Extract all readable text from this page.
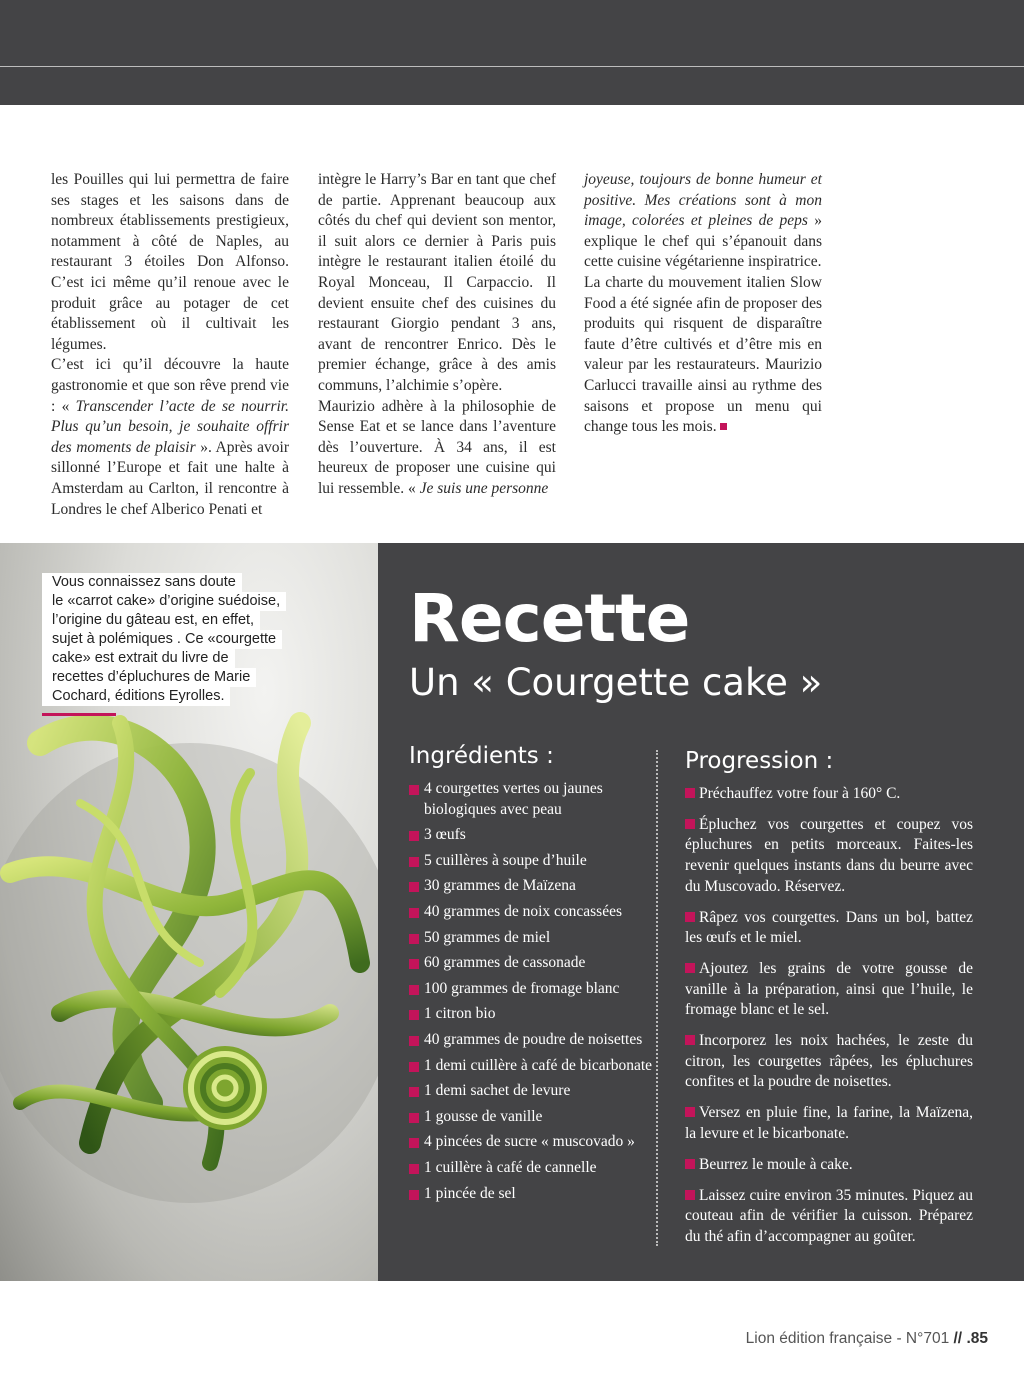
les Pouilles qui lui permettra de faire ses stages et les saisons dans de nombreux établissements prestigieux, notamment à côté de Naples, au restaurant 3 étoiles Don Alfonso. C’est ici même qu’il renoue avec le produit grâce au potager de cet établissement où il cultivait les légumes.

C’est ici qu’il découvre la haute gastronomie et que son rêve prend vie : « Transcender l’acte de se nourrir. Plus qu’un besoin, je souhaite offrir des moments de plaisir ». Après avoir sillonné l’Europe et fait une halte à Amsterdam au Carlton, il rencontre à Londres le chef Alberico Penati et

intègre le Harry’s Bar en tant que chef de partie. Apprenant beaucoup aux côtés du chef qui devient son mentor, il suit alors ce dernier à Paris puis intègre le restaurant italien étoilé du Royal Monceau, Il Carpaccio. Il devient ensuite chef des cuisines du restaurant Giorgio pendant 3 ans, avant de rencontrer Enrico. Dès le premier échange, grâce à des amis communs, l’alchimie s’opère.

Maurizio adhère à la philosophie de Sense Eat et se lance dans l’aventure dès l’ouverture. À 34 ans, il est heureux de proposer une cuisine qui lui ressemble. « Je suis une personne

joyeuse, toujours de bonne humeur et positive. Mes créations sont à mon image, colorées et pleines de peps » explique le chef qui s’épanouit dans cette cuisine végétarienne inspiratrice.

La charte du mouvement italien Slow Food a été signée afin de proposer des produits qui risquent de disparaître faute d’être cultivés et d’être mis en valeur par les restaurateurs. Maurizio Carlucci travaille ainsi au rythme des saisons et propose un menu qui change tous les mois.

Vous connaissez sans doute
le «carrot cake» d’origine suédoise,
l’origine du gâteau est, en effet,
sujet à polémiques . Ce «courgette
cake» est extrait du livre de
recettes d’épluchures de Marie
Cochard, éditions Eyrolles.
Recette
Un « Courgette cake »
Ingrédients :	Progression :
4 courgettes vertes ou jaunes biologiques avec peau
3 œufs
5 cuillères à soupe d’huile
30 grammes de Maïzena
40 grammes de noix concassées
50 grammes de miel
60 grammes de cassonade
100 grammes de fromage blanc
1 citron bio
40 grammes de poudre de noisettes
1 demi cuillère à café de bicarbonate
1 demi sachet de levure
1 gousse de vanille
4 pincées de sucre « muscovado »
1 cuillère à café de cannelle
1 pincée de sel
Préchauffez votre four à 160° C.
Épluchez vos courgettes et coupez vos épluchures en petits morceaux. Faites-les revenir quelques instants dans du beurre avec du Muscovado. Réservez.
Râpez vos courgettes. Dans un bol, battez les œufs et le miel.
Ajoutez les grains de votre gousse de vanille à la préparation, ainsi que l’huile, le fromage blanc et le sel.
Incorporez les noix hachées, le zeste du citron, les courgettes râpées, les épluchures confites et la poudre de noisettes.
Versez en pluie fine, la farine, la Maïzena, la levure et le bicarbonate.
Beurrez le moule à cake.
Laissez cuire environ 35 minutes. Piquez au couteau afin de vérifier la cuisson. Préparez du thé afin d’accompagner au goûter.
Lion édition française - N°701 // .85
